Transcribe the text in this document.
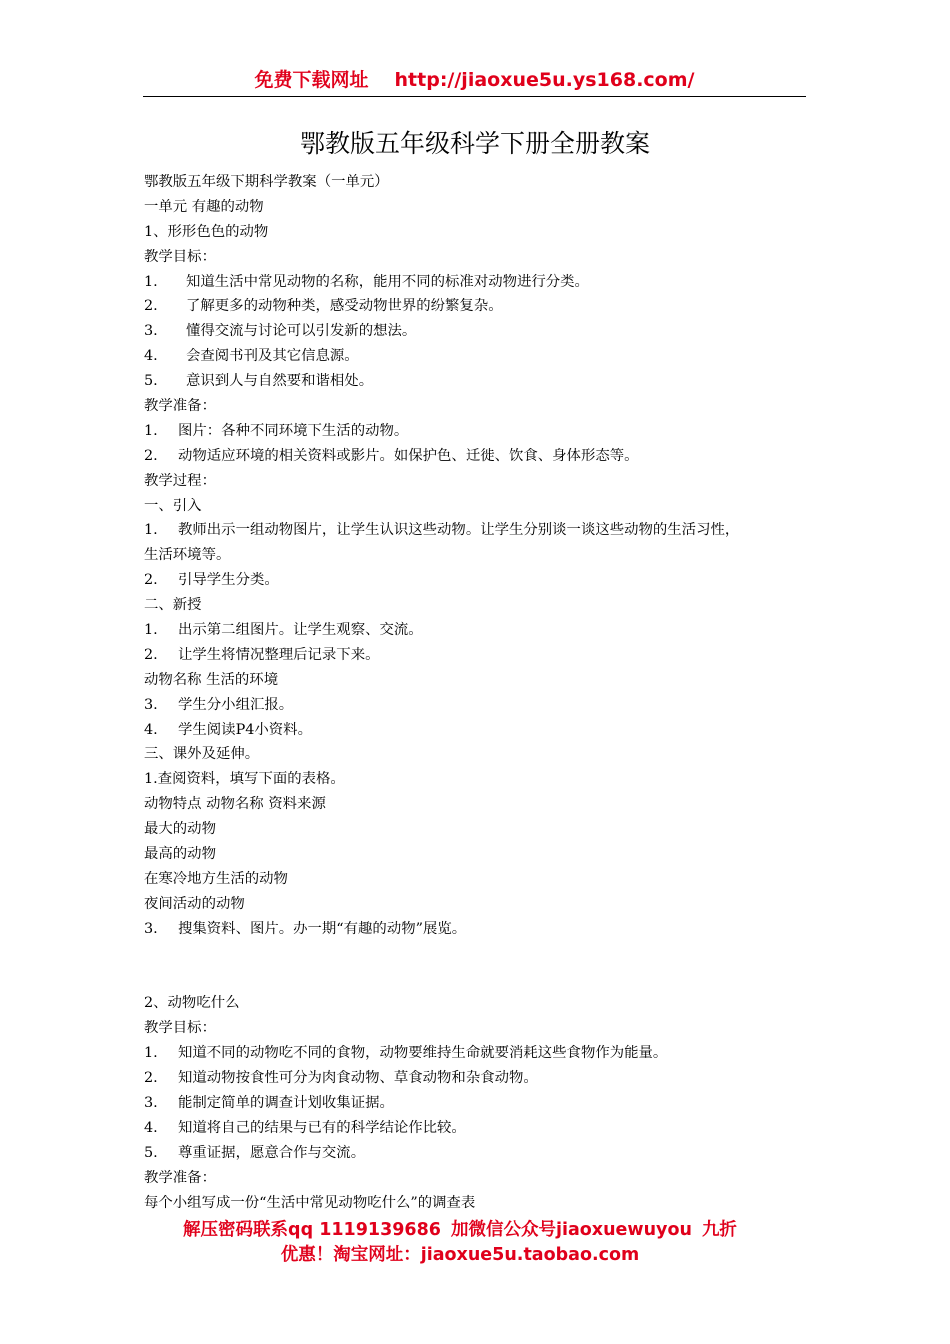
免费下载网址 http://jiaoxue5u.ys168.com/
鄂教版五年级科学下册全册教案
鄂教版五年级下期科学教案（一单元）
一单元 有趣的动物
1、形形色色的动物
教学目标：
1. 知道生活中常见动物的名称，能用不同的标准对动物进行分类。
2. 了解更多的动物种类，感受动物世界的纷繁复杂。
3. 懂得交流与讨论可以引发新的想法。
4. 会查阅书刊及其它信息源。
5. 意识到人与自然要和谐相处。
教学准备：
1. 图片：各种不同环境下生活的动物。
2. 动物适应环境的相关资料或影片。如保护色、迁徙、饮食、身体形态等。
教学过程：
一、引入
1. 教师出示一组动物图片，让学生认识这些动物。让学生分别谈一谈这些动物的生活习性，
生活环境等。
2. 引导学生分类。
二、新授
1. 出示第二组图片。让学生观察、交流。
2. 让学生将情况整理后记录下来。
动物名称 生活的环境
3. 学生分小组汇报。
4. 学生阅读P4小资料。
三、课外及延伸。
1.查阅资料，填写下面的表格。
动物特点 动物名称 资料来源
最大的动物
最高的动物
在寒冷地方生活的动物
夜间活动的动物
3. 搜集资料、图片。办一期“有趣的动物”展览。
2、动物吃什么
教学目标：
1. 知道不同的动物吃不同的食物，动物要维持生命就要消耗这些食物作为能量。
2. 知道动物按食性可分为肉食动物、草食动物和杂食动物。
3. 能制定简单的调查计划收集证据。
4. 知道将自己的结果与已有的科学结论作比较。
5. 尊重证据，愿意合作与交流。
教学准备：
每个小组写成一份“生活中常见动物吃什么”的调查表
解压密码联系qq 1119139686 加微信公众号jiaoxuewuyou 九折
优惠！淘宝网址：jiaoxue5u.taobao.com
